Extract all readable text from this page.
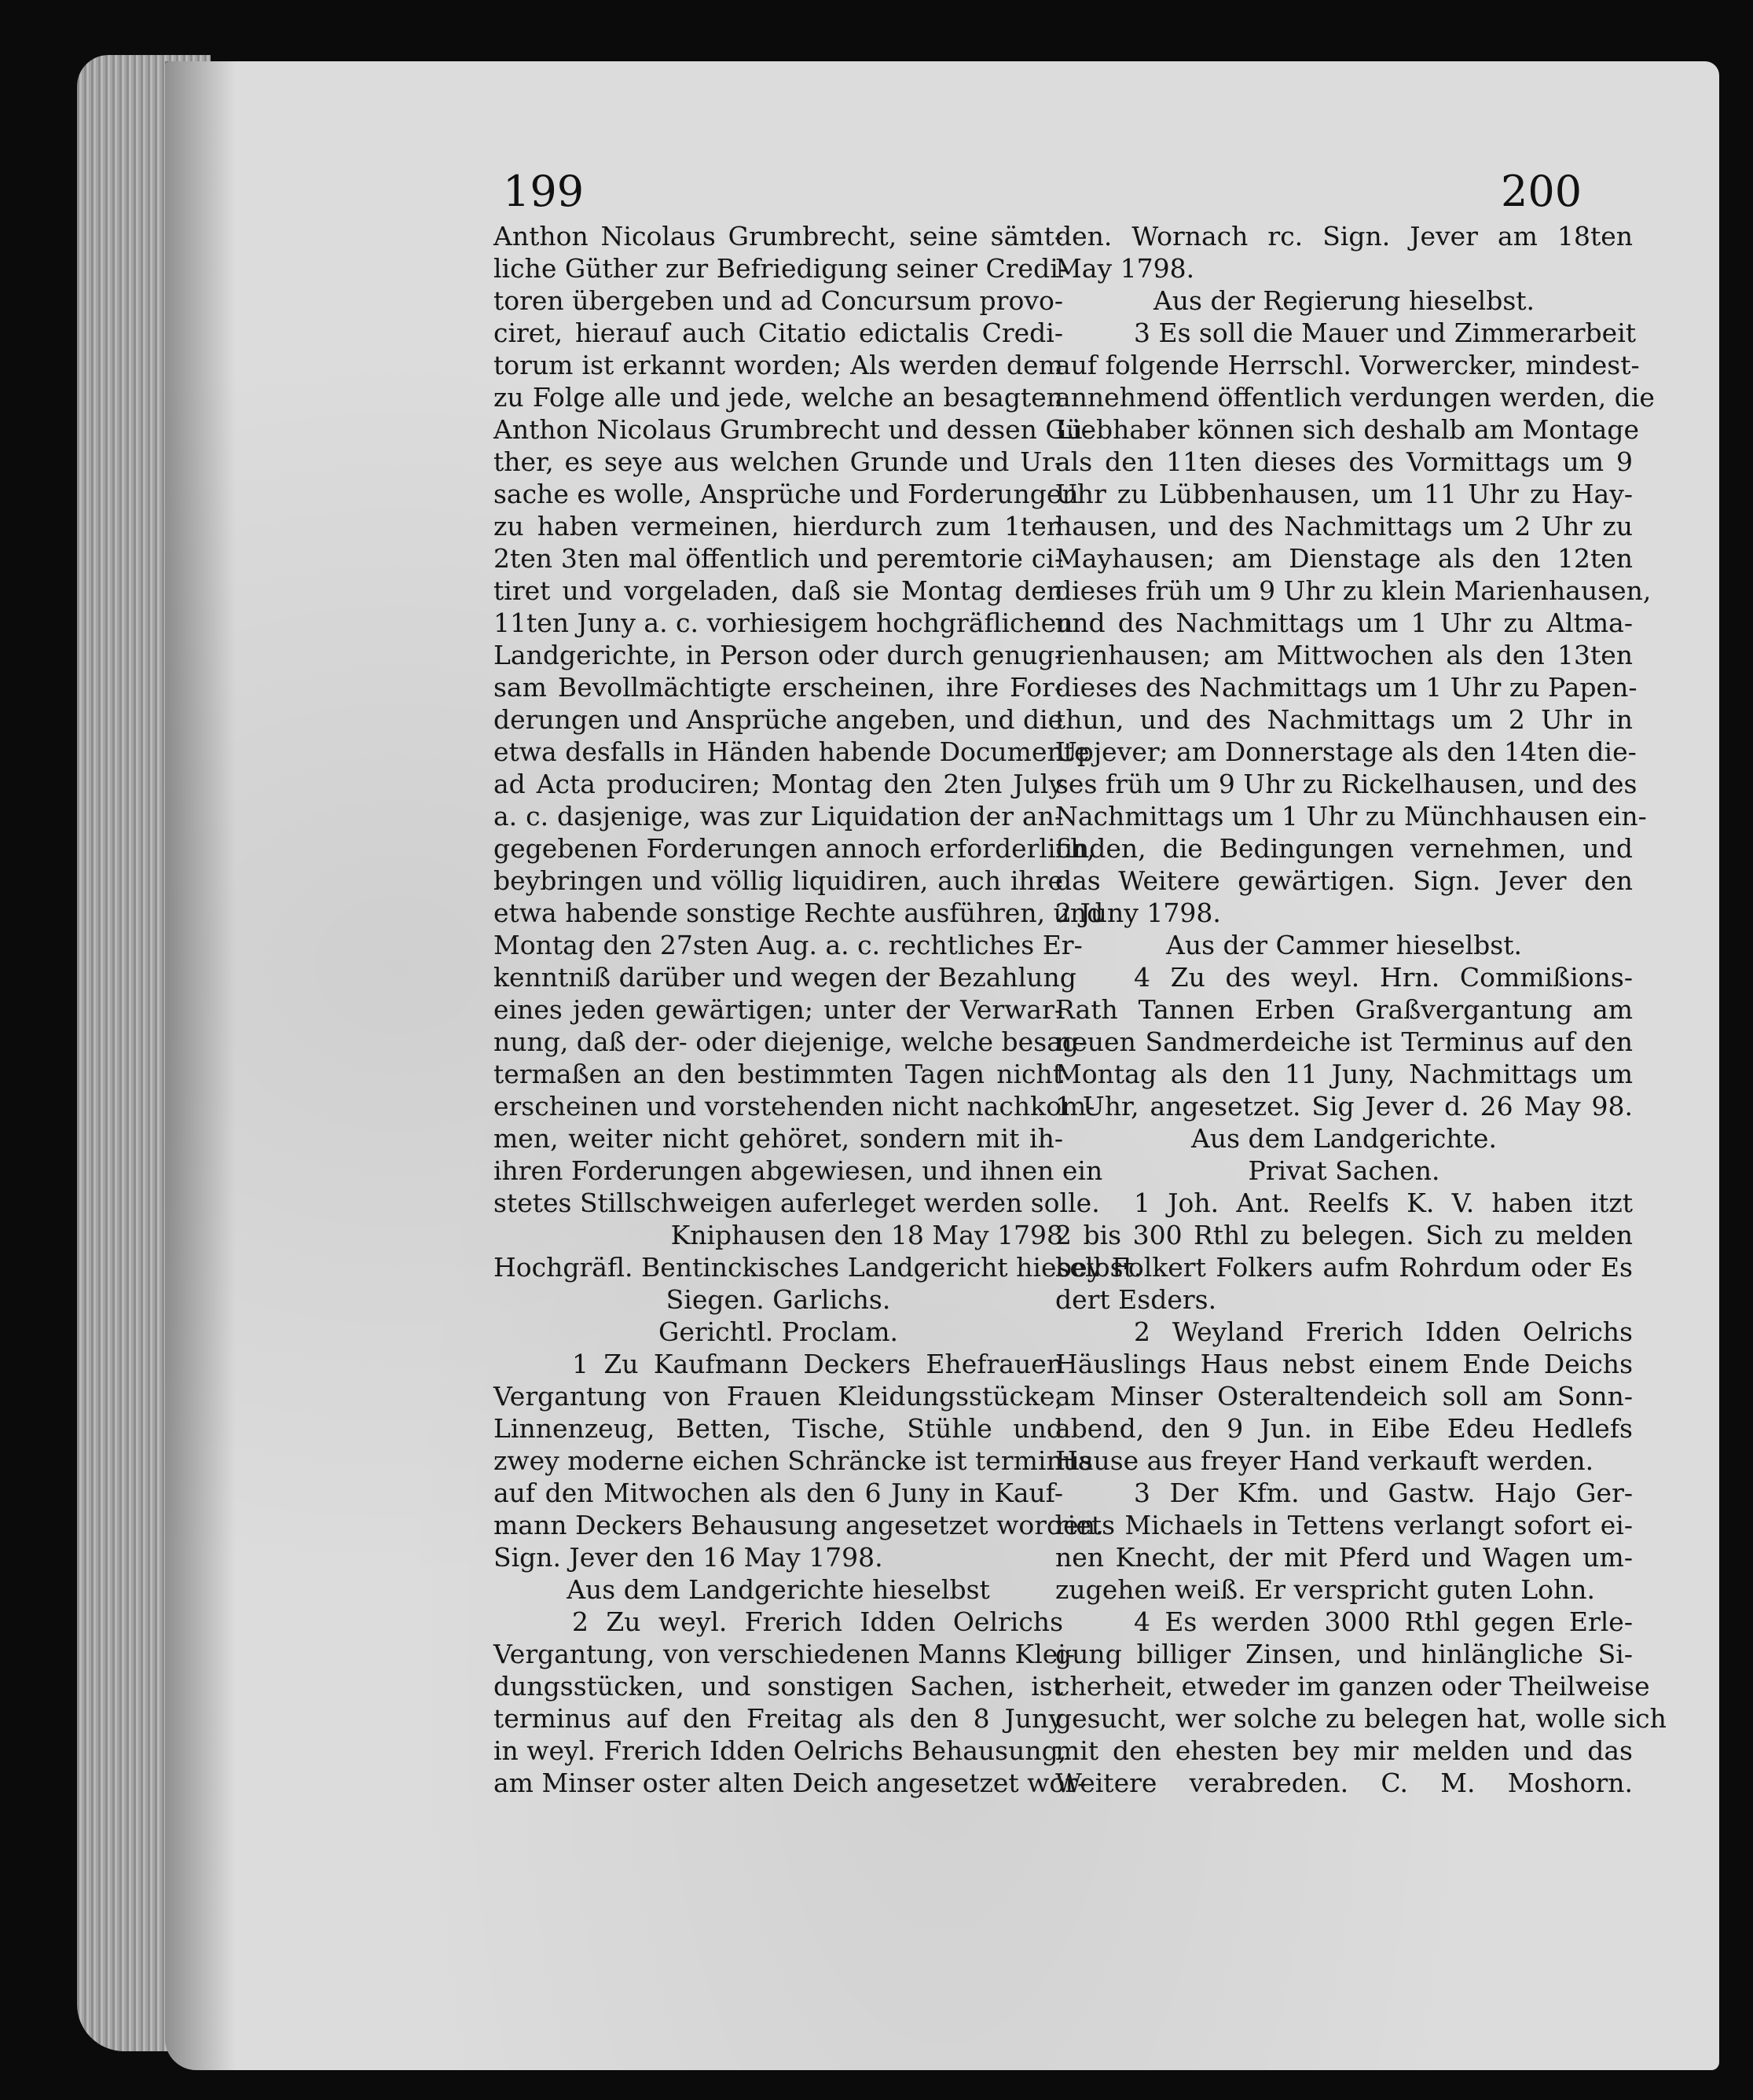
199	200
Anthon Nicolaus Grumbrecht, seine sämt-
liche Güther zur Befriedigung seiner Credi-
toren übergeben und ad Concursum provo-
ciret, hierauf auch Citatio edictalis Credi-
torum ist erkannt worden; Als werden dem
zu Folge alle und jede, welche an besagten
Anthon Nicolaus Grumbrecht und dessen Gü-
ther, es seye aus welchen Grunde und Ur-
sache es wolle, Ansprüche und Forderungen
zu haben vermeinen, hierdurch zum 1ten
2ten 3ten mal öffentlich und peremtorie ci-
tiret und vorgeladen, daß sie Montag den
11ten Juny a. c. vorhiesigem hochgräflichen
Landgerichte, in Person oder durch genug-
sam Bevollmächtigte erscheinen, ihre For-
derungen und Ansprüche angeben, und die
etwa desfalls in Händen habende Documente
ad Acta produciren; Montag den 2ten July
a. c. dasjenige, was zur Liquidation der an-
gegebenen Forderungen annoch erforderlich,
beybringen und völlig liquidiren, auch ihre
etwa habende sonstige Rechte ausführen, und
Montag den 27sten Aug. a. c. rechtliches Er-
kenntniß darüber und wegen der Bezahlung
eines jeden gewärtigen; unter der Verwar-
nung, daß der- oder diejenige, welche besag-
termaßen an den bestimmten Tagen nicht
erscheinen und vorstehenden nicht nachkom-
men, weiter nicht gehöret, sondern mit ih-
ihren Forderungen abgewiesen, und ihnen ein
stetes Stillschweigen auferleget werden solle.
Kniphausen den 18 May 1798
Hochgräfl. Bentinckisches Landgericht hieselbst.
Siegen. Garlichs.
Gerichtl. Proclam.
1 Zu Kaufmann Deckers Ehefrauen
Vergantung von Frauen Kleidungsstücke,
Linnenzeug, Betten, Tische, Stühle und
zwey moderne eichen Schräncke ist terminus
auf den Mitwochen als den 6 Juny in Kauf-
mann Deckers Behausung angesetzet worden.
Sign. Jever den 16 May 1798.
Aus dem Landgerichte hieselbst
2 Zu weyl. Frerich Idden Oelrichs
Vergantung, von verschiedenen Manns Klei-
dungsstücken, und sonstigen Sachen, ist
terminus auf den Freitag als den 8 Juny
in weyl. Frerich Idden Oelrichs Behausung,
am Minser oster alten Deich angesetzet wor-
den. Wornach rc. Sign. Jever am 18ten
May 1798.
Aus der Regierung hieselbst.
3 Es soll die Mauer und Zimmerarbeit
auf folgende Herrschl. Vorwercker, mindest-
annehmend öffentlich verdungen werden, die
Liebhaber können sich deshalb am Montage
als den 11ten dieses des Vormittags um 9
Uhr zu Lübbenhausen, um 11 Uhr zu Hay-
hausen, und des Nachmittags um 2 Uhr zu
Mayhausen; am Dienstage als den 12ten
dieses früh um 9 Uhr zu klein Marienhausen,
und des Nachmittags um 1 Uhr zu Altma-
rienhausen; am Mittwochen als den 13ten
dieses des Nachmittags um 1 Uhr zu Papen-
thun, und des Nachmittags um 2 Uhr in
Upjever; am Donnerstage als den 14ten die-
ses früh um 9 Uhr zu Rickelhausen, und des
Nachmittags um 1 Uhr zu Münchhausen ein-
finden, die Bedingungen vernehmen, und
das Weitere gewärtigen. Sign. Jever den
2 Juny 1798.
Aus der Cammer hieselbst.
4 Zu des weyl. Hrn. Commißions-
Rath Tannen Erben Graßvergantung am
neuen Sandmerdeiche ist Terminus auf den
Montag als den 11 Juny, Nachmittags um
1 Uhr, angesetzet. Sig Jever d. 26 May 98.
Aus dem Landgerichte.
Privat Sachen.
1 Joh. Ant. Reelfs K. V. haben itzt
2 bis 300 Rthl zu belegen. Sich zu melden
bey Folkert Folkers aufm Rohrdum oder Es
dert Esders.
2 Weyland Frerich Idden Oelrichs
Häuslings Haus nebst einem Ende Deichs
am Minser Osteraltendeich soll am Sonn-
abend, den 9 Jun. in Eibe Edeu Hedlefs
Hause aus freyer Hand verkauft werden.
3 Der Kfm. und Gastw. Hajo Ger-
riets Michaels in Tettens verlangt sofort ei-
nen Knecht, der mit Pferd und Wagen um-
zugehen weiß. Er verspricht guten Lohn.
4 Es werden 3000 Rthl gegen Erle-
gung billiger Zinsen, und hinlängliche Si-
cherheit, etweder im ganzen oder Theilweise
gesucht, wer solche zu belegen hat, wolle sich
mit den ehesten bey mir melden und das
Weitere verabreden. C. M. Moshorn.
